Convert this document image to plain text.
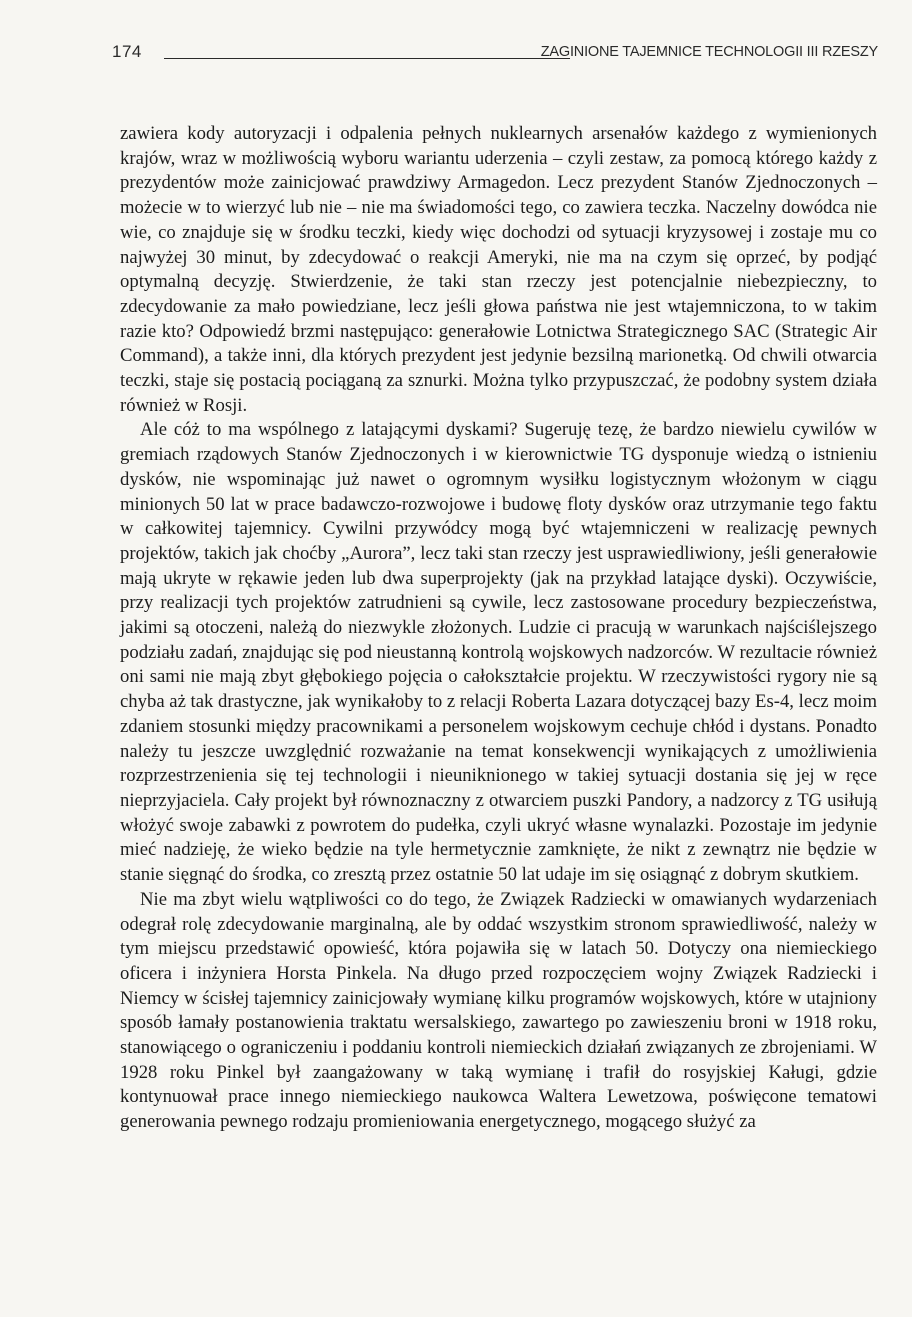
174	ZAGINIONE TAJEMNICE TECHNOLOGII III RZESZY

zawiera kody autoryzacji i odpalenia pełnych nuklearnych arsenałów każdego z wymienionych krajów, wraz w możliwością wyboru wariantu uderzenia – czyli zestaw, za pomocą którego każdy z prezydentów może zainicjować prawdziwy Armagedon. Lecz prezydent Stanów Zjednoczonych – możecie w to wierzyć lub nie – nie ma świadomości tego, co zawiera teczka. Naczelny dowódca nie wie, co znajduje się w środku teczki, kiedy więc dochodzi od sytuacji kryzysowej i zostaje mu co najwyżej 30 minut, by zdecydować o reakcji Ameryki, nie ma na czym się oprzeć, by podjąć optymalną decyzję. Stwierdzenie, że taki stan rzeczy jest potencjalnie niebezpieczny, to zdecydowanie za mało powiedziane, lecz jeśli głowa państwa nie jest wtajemniczona, to w takim razie kto? Odpowiedź brzmi następująco: generałowie Lotnictwa Strategicznego SAC (Strategic Air Command), a także inni, dla których prezydent jest jedynie bezsilną marionetką. Od chwili otwarcia teczki, staje się postacią pociąganą za sznurki. Można tylko przypuszczać, że podobny system działa również w Rosji.

Ale cóż to ma wspólnego z latającymi dyskami? Sugeruję tezę, że bardzo niewielu cywilów w gremiach rządowych Stanów Zjednoczonych i w kierownictwie TG dysponuje wiedzą o istnieniu dysków, nie wspominając już nawet o ogromnym wysiłku logistycznym włożonym w ciągu minionych 50 lat w prace badawczo-rozwojowe i budowę floty dysków oraz utrzymanie tego faktu w całkowitej tajemnicy. Cywilni przywódcy mogą być wtajemniczeni w realizację pewnych projektów, takich jak choćby „Aurora”, lecz taki stan rzeczy jest usprawiedliwiony, jeśli generałowie mają ukryte w rękawie jeden lub dwa superprojekty (jak na przykład latające dyski). Oczywiście, przy realizacji tych projektów zatrudnieni są cywile, lecz zastosowane procedury bezpieczeństwa, jakimi są otoczeni, należą do niezwykle złożonych. Ludzie ci pracują w warunkach najściślejszego podziału zadań, znajdując się pod nieustanną kontrolą wojskowych nadzorców. W rezultacie również oni sami nie mają zbyt głębokiego pojęcia o całokształcie projektu. W rzeczywistości rygory nie są chyba aż tak drastyczne, jak wynikałoby to z relacji Roberta Lazara dotyczącej bazy Es-4, lecz moim zdaniem stosunki między pracownikami a personelem wojskowym cechuje chłód i dystans. Ponadto należy tu jeszcze uwzględnić rozważanie na temat konsekwencji wynikających z umożliwienia rozprzestrzenienia się tej technologii i nieuniknionego w takiej sytuacji dostania się jej w ręce nieprzyjaciela. Cały projekt był równoznaczny z otwarciem puszki Pandory, a nadzorcy z TG usiłują włożyć swoje zabawki z powrotem do pudełka, czyli ukryć własne wynalazki. Pozostaje im jedynie mieć nadzieję, że wieko będzie na tyle hermetycznie zamknięte, że nikt z zewnątrz nie będzie w stanie sięgnąć do środka, co zresztą przez ostatnie 50 lat udaje im się osiągnąć z dobrym skutkiem.

Nie ma zbyt wielu wątpliwości co do tego, że Związek Radziecki w omawianych wydarzeniach odegrał rolę zdecydowanie marginalną, ale by oddać wszystkim stronom sprawiedliwość, należy w tym miejscu przedstawić opowieść, która pojawiła się w latach 50. Dotyczy ona niemieckiego oficera i inżyniera Horsta Pinkela. Na długo przed rozpoczęciem wojny Związek Radziecki i Niemcy w ścisłej tajemnicy zainicjowały wymianę kilku programów wojskowych, które w utajniony sposób łamały postanowienia traktatu wersalskiego, zawartego po zawieszeniu broni w 1918 roku, stanowiącego o ograniczeniu i poddaniu kontroli niemieckich działań związanych ze zbrojeniami. W 1928 roku Pinkel był zaangażowany w taką wymianę i trafił do rosyjskiej Kaługi, gdzie kontynuował prace innego niemieckiego naukowca Waltera Lewetzowa, poświęcone tematowi generowania pewnego rodzaju promieniowania energetycznego, mogącego służyć za
